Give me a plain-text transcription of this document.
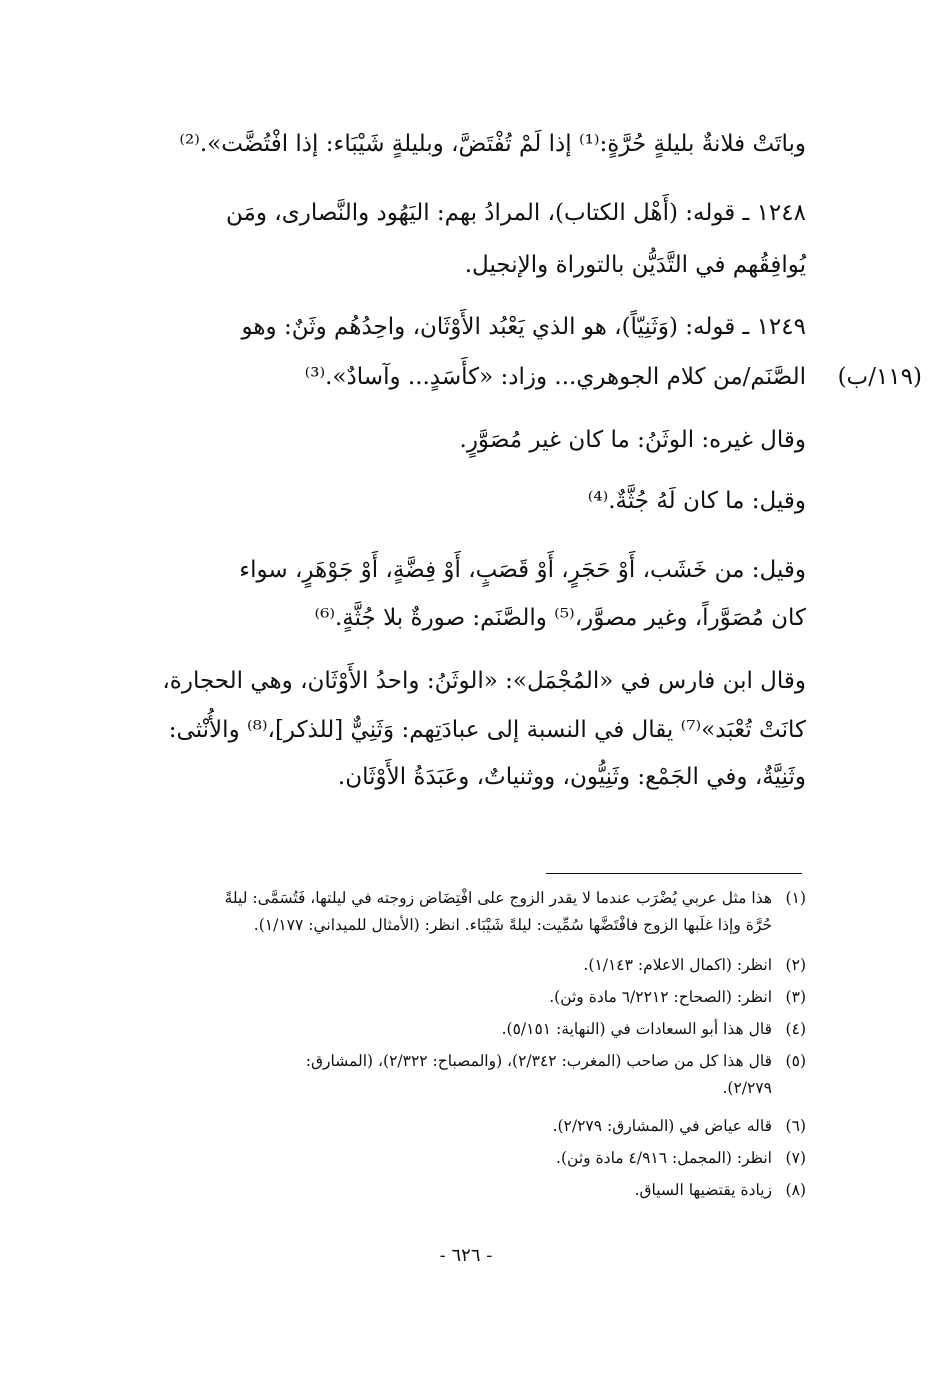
وباتَتْ فلانةٌ بليلةٍ حُرَّةٍ:⁽¹⁾ إذا لَمْ تُفْتَضَّ، وبليلةٍ شَيْبَاء: إذا افْتُضَّت».⁽²⁾
١٢٤٨ ـ قوله: (أَهْل الكتاب)، المرادُ بهم: اليَهُود والنَّصارى، ومَن
يُوافِقُهم في التَّدَيُّن بالتوراة والإنجيل.
١٢٤٩ ـ قوله: (وَثَنِيّاً)، هو الذي يَعْبُد الأَوْثَان، واحِدُهُم وثَنٌ: وهو
الصَّنَم/من كلام الجوهري... وزاد: «كأَسَدٍ... وآسادٌ».⁽³⁾	(١١٩/ب)
وقال غيره: الوثَنُ: ما كان غير مُصَوَّرٍ.
وقيل: ما كان لَهُ جُثَّةٌ.⁽⁴⁾
وقيل: من خَشَب، أَوْ حَجَرٍ، أَوْ قَصَبٍ، أَوْ فِضَّةٍ، أَوْ جَوْهَرٍ، سواء
كان مُصَوَّراً، وغير مصوَّر،⁽⁵⁾ والصَّنَم: صورةٌ بلا جُثَّةٍ.⁽⁶⁾
وقال ابن فارس في «المُجْمَل»: «الوثَنُ: واحدُ الأَوْثَان، وهي الحجارة،
كانَتْ تُعْبَد»⁽⁷⁾ يقال في النسبة إلى عبادَتِهم: وَثَنِيٌّ [للذكر]،⁽⁸⁾ والأُنْثى:
وثَنِيَّةٌ، وفي الجَمْع: وثَنِيُّون، ووثنياتٌ، وعَبَدَةُ الأَوْثَان.
(١)هذا مثل عربي يُضْرَب عندما لا يقدر الزوج على افْتِضَاض زوجته في ليلتها، فَتُسَمَّى: ليلةً
حُرَّة وإذا غلَبها الزوج فافْتَضَّها سُمِّيت: ليلةً شَيْبَاء. انظر: (الأمثال للميداني: ١/١٧٧).
(٢)انظر: (اكمال الاعلام: ١/١٤٣).
(٣)انظر: (الصحاح: ٦/٢٢١٢ مادة وثن).
(٤)قال هذا أبو السعادات في (النهاية: ٥/١٥١).
(٥)قال هذا كل من صاحب (المغرب: ٢/٣٤٢)، (والمصباح: ٢/٣٢٢)، (المشارق:
٢/٢٧٩).
(٦)قاله عياض في (المشارق: ٢/٢٧٩).
(٧)انظر: (المجمل: ٤/٩١٦ مادة وثن).
(٨)زيادة يقتضيها السياق.
- ٦٢٦ -
